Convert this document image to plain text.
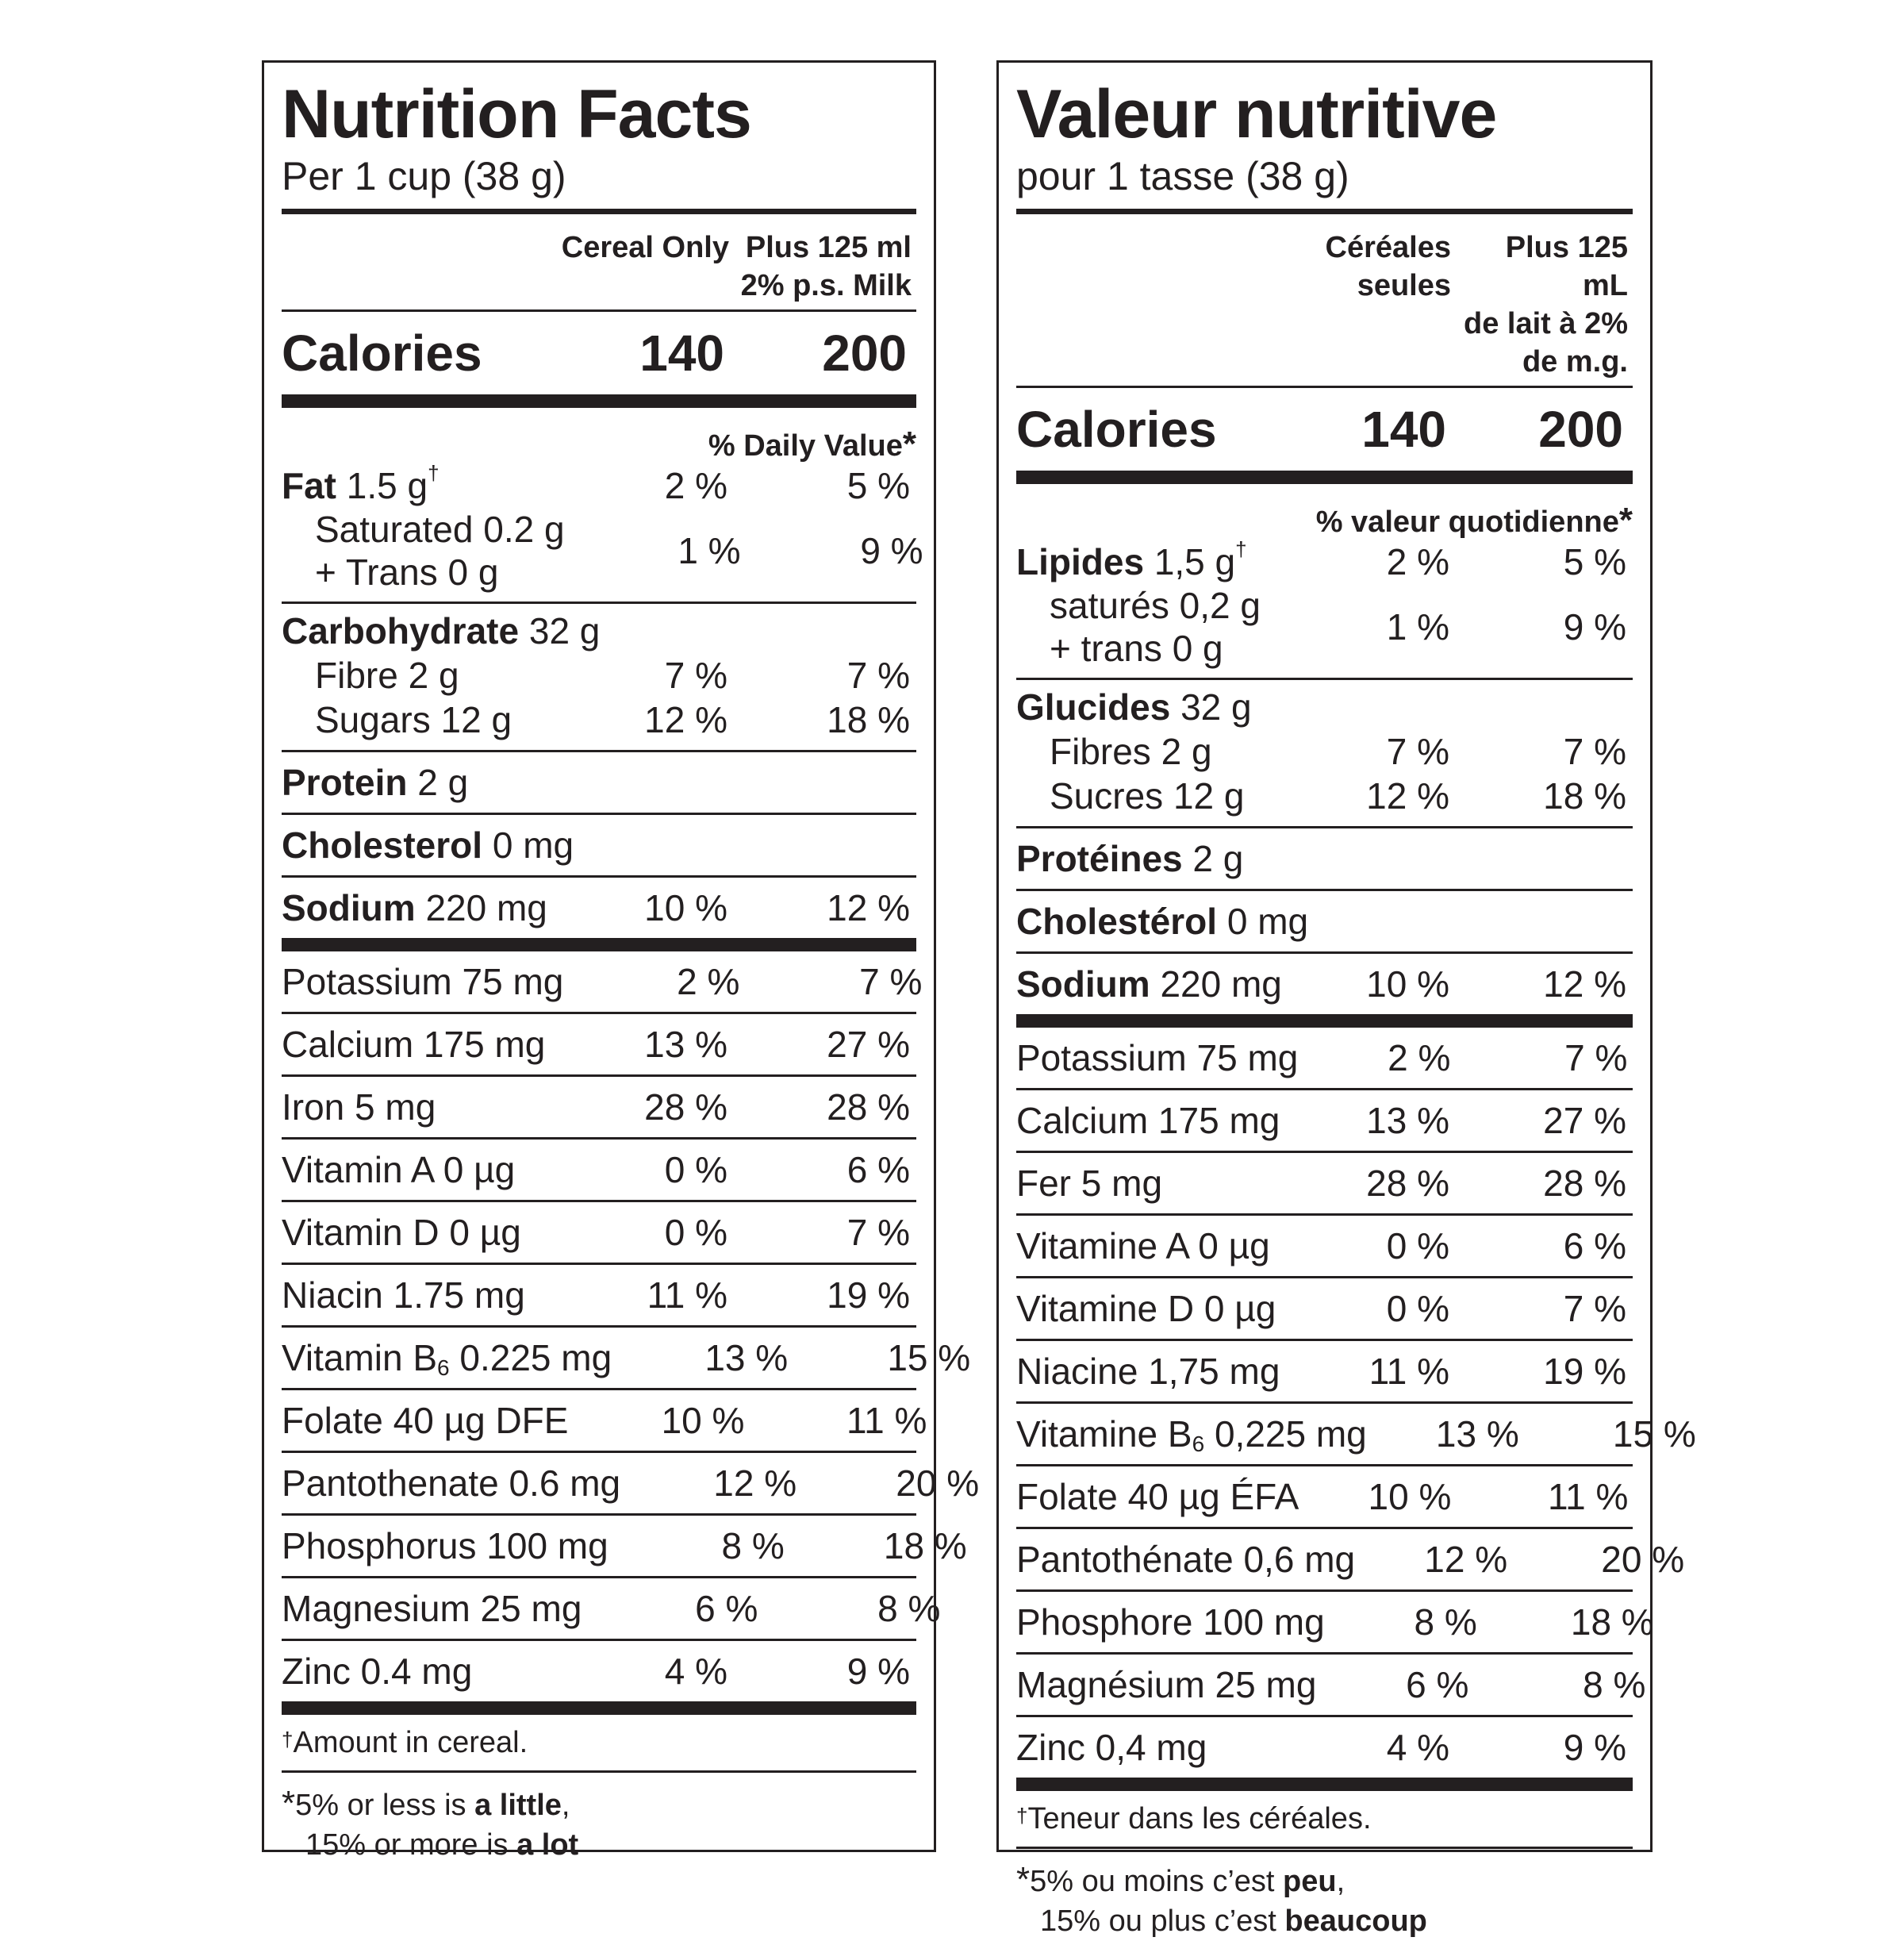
Nutrition Facts
Per 1 cup (38 g)
Cereal Only Plus 125 ml
2% p.s. Milk
Calories	140	200
% Daily Value*
Fat 1.5 g†	2 %	5 %
Saturated 0.2 g
+ Trans 0 g
1 %	9 %
Carbohydrate 32 g
Fibre 2 g	7 %	7 %
Sugars 12 g	12 %	18 %
Protein 2 g
Cholesterol 0 mg
Sodium 220 mg	10 %	12 %
Potassium 75 mg	2 %	7 %
Calcium 175 mg	13 %	27 %
Iron 5 mg	28 %	28 %
Vitamin A 0 µg	0 %	6 %
Vitamin D 0 µg	0 %	7 %
Niacin 1.75 mg	11 %	19 %
Vitamin $B_6$ 0.225 mg	13 %	15 %
Folate 40 µg DFE	10 %	11 %
Pantothenate 0.6 mg	12 %	20 %
Phosphorus 100 mg	8 %	18 %
Magnesium 25 mg	6 %	8 %
Zinc 0.4 mg	4 %	9 %
† Amount in cereal.
*5% or less is a little,
15% or more is a lot
Valeur nutritive
pour 1 tasse (38 g)
Céréales
seules
Plus 125 mL
de lait à 2%
de m.g.
Calories	140	200
% valeur quotidienne*
Lipides 1,5 g†	2 %	5 %
saturés 0,2 g
+ trans 0 g
1 %	9 %
Glucides 32 g
Fibres 2 g	7 %	7 %
Sucres 12 g	12 %	18 %
Protéines 2 g
Cholestérol 0 mg
Sodium 220 mg	10 %	12 %
Potassium 75 mg	2 %	7 %
Calcium 175 mg	13 %	27 %
Fer 5 mg	28 %	28 %
Vitamine A 0 µg	0 %	6 %
Vitamine D 0 µg	0 %	7 %
Niacine 1,75 mg	11 %	19 %
Vitamine $B_6$ 0,225 mg	13 %	15 %
Folate 40 µg ÉFA	10 %	11 %
Pantothénate 0,6 mg	12 %	20 %
Phosphore 100 mg	8 %	18 %
Magnésium 25 mg	6 %	8 %
Zinc 0,4 mg	4 %	9 %
† Teneur dans les céréales.
*5% ou moins c’est peu,
15% ou plus c’est beaucoup
